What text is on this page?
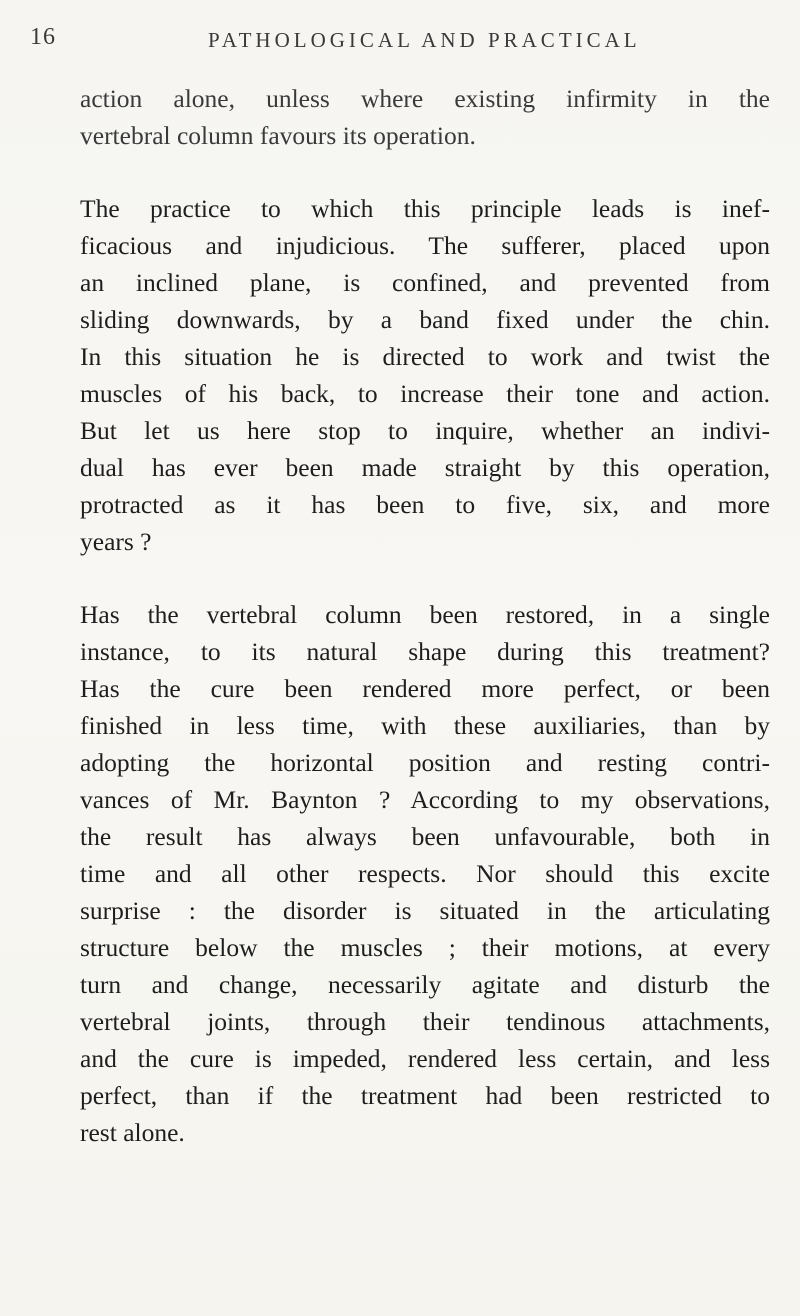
16	PATHOLOGICAL AND PRACTICAL

action alone, unless where existing infirmity in the
vertebral column favours its operation.

The practice to which this principle leads is inef-
ficacious and injudicious. The sufferer, placed upon
an inclined plane, is confined, and prevented from
sliding downwards, by a band fixed under the chin.
In this situation he is directed to work and twist the
muscles of his back, to increase their tone and action.
But let us here stop to inquire, whether an indivi-
dual has ever been made straight by this operation,
protracted as it has been to five, six, and more
years ?

Has the vertebral column been restored, in a single
instance, to its natural shape during this treatment?
Has the cure been rendered more perfect, or been
finished in less time, with these auxiliaries, than by
adopting the horizontal position and resting contri-
vances of Mr. Baynton ? According to my observations,
the result has always been unfavourable, both in
time and all other respects. Nor should this excite
surprise : the disorder is situated in the articulating
structure below the muscles ; their motions, at every
turn and change, necessarily agitate and disturb the
vertebral joints, through their tendinous attachments,
and the cure is impeded, rendered less certain, and less
perfect, than if the treatment had been restricted to
rest alone.
